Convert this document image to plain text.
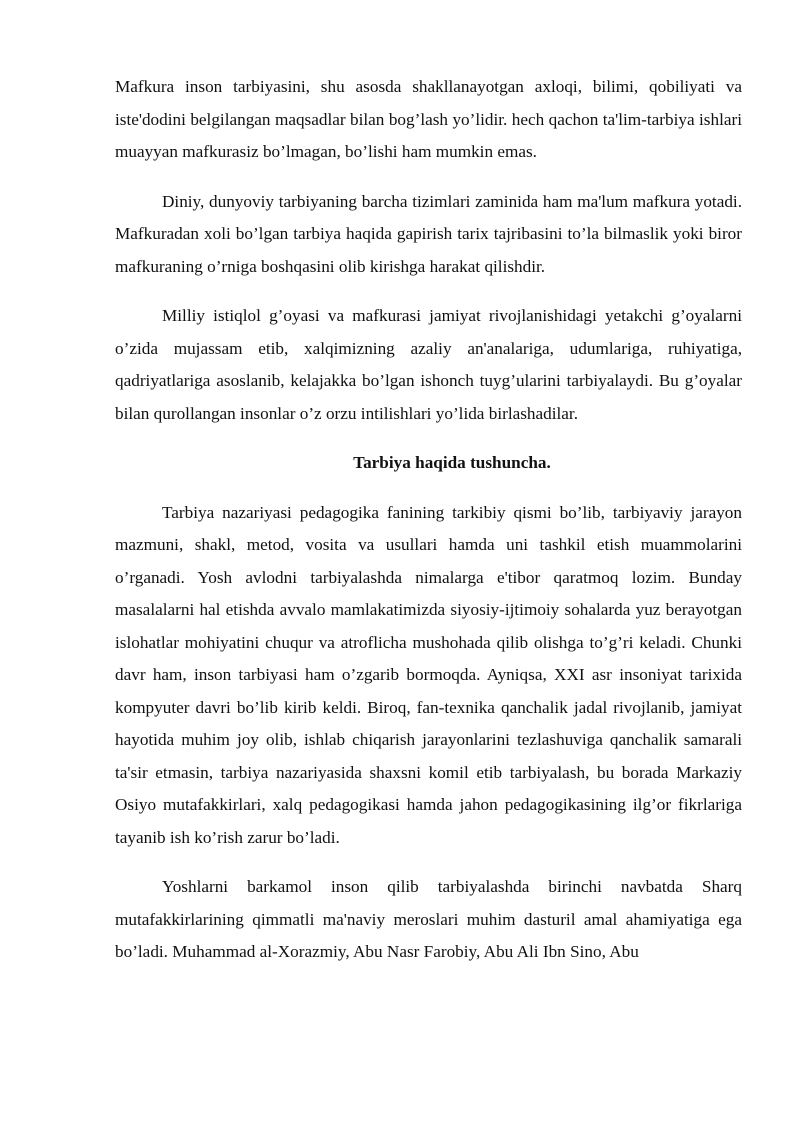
Mafkura inson tarbiyasini, shu asosda shakllanayotgan axloqi, bilimi, qobiliyati va iste'dodini belgilangan maqsadlar bilan bog’lash yo’lidir. hech qachon ta'lim-tarbiya ishlari muayyan mafkurasiz bo’lmagan, bo’lishi ham mumkin emas.

Diniy, dunyoviy tarbiyaning barcha tizimlari zaminida ham ma'lum mafkura yotadi. Mafkuradan xoli bo’lgan tarbiya haqida gapirish tarix tajribasini to’la bilmaslik yoki biror mafkuraning o’rniga boshqasini olib kirishga harakat qilishdir.

Milliy istiqlol g’oyasi va mafkurasi jamiyat rivojlanishidagi yetakchi g’oyalarni o’zida mujassam etib, xalqimizning azaliy an'analariga, udumlariga, ruhiyatiga, qadriyatlariga asoslanib, kelajakka bo’lgan ishonch tuyg’ularini tarbiyalaydi. Bu g’oyalar bilan qurollangan insonlar o’z orzu intilishlari yo’lida birlashadilar.

Tarbiya haqida tushuncha.

Tarbiya nazariyasi pedagogika fanining tarkibiy qismi bo’lib, tarbiyaviy jarayon mazmuni, shakl, metod, vosita va usullari hamda uni tashkil etish muammolarini o’rganadi. Yosh avlodni tarbiyalashda nimalarga e'tibor qaratmoq lozim. Bunday masalalarni hal etishda avvalo mamlakatimizda siyosiy-ijtimoiy sohalarda yuz berayotgan islohatlar mohiyatini chuqur va atroflicha mushohada qilib olishga to’g’ri keladi. Chunki davr ham, inson tarbiyasi ham o’zgarib bormoqda. Ayniqsa, XXI asr insoniyat tarixida kompyuter davri bo’lib kirib keldi. Biroq, fan-texnika qanchalik jadal rivojlanib, jamiyat hayotida muhim joy olib, ishlab chiqarish jarayonlarini tezlashuviga qanchalik samarali ta'sir etmasin, tarbiya nazariyasida shaxsni komil etib tarbiyalash, bu borada Markaziy Osiyo mutafakkirlari, xalq pedagogikasi hamda jahon pedagogikasining ilg’or fikrlariga tayanib ish ko’rish zarur bo’ladi.

Yoshlarni barkamol inson qilib tarbiyalashda birinchi navbatda Sharq mutafakkirlarining qimmatli ma'naviy meroslari muhim dasturil amal ahamiyatiga ega bo’ladi. Muhammad al-Xorazmiy, Abu Nasr Farobiy, Abu Ali Ibn Sino, Abu
